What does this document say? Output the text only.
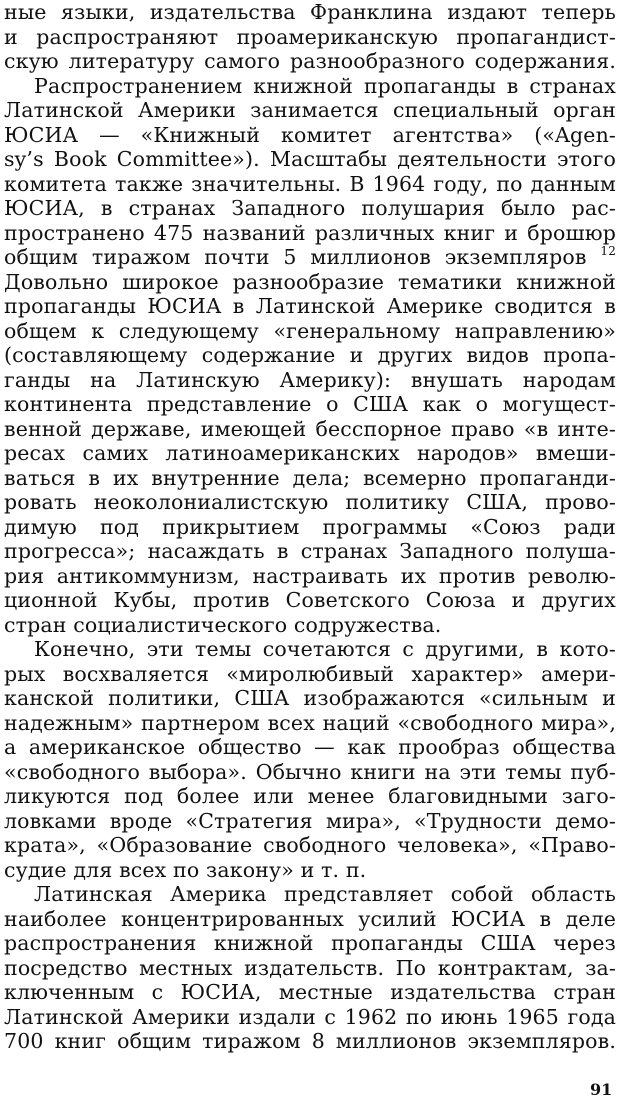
ные языки, издательства Франклина издают теперь
и распространяют проамериканскую пропагандист-
скую литературу самого разнообразного содержания.
Распространением книжной пропаганды в странах
Латинской Америки занимается специальный орган
ЮСИА — «Книжный комитет агентства» («Agen-
sy’s Book Committee»). Масштабы деятельности этого
комитета также значительны. В 1964 году, по данным
ЮСИА, в странах Западного полушария было рас-
пространено 475 названий различных книг и брошюр
общим тиражом почти 5 миллионов экземпляров $^{12}$
Довольно широкое разнообразие тематики книжной
пропаганды ЮСИА в Латинской Америке сводится в
общем к следующему «генеральному направлению»
(составляющему содержание и других видов пропа-
ганды на Латинскую Америку): внушать народам
континента представление о США как о могущест-
венной державе, имеющей бесспорное право «в инте-
ресах самих латиноамериканских народов» вмеши-
ваться в их внутренние дела; всемерно пропаганди-
ровать неоколониалистскую политику США, прово-
димую под прикрытием программы «Союз ради
прогресса»; насаждать в странах Западного полуша-
рия антикоммунизм, настраивать их против револю-
ционной Кубы, против Советского Союза и других
стран социалистического содружества.
Конечно, эти темы сочетаются с другими, в кото-
рых восхваляется «миролюбивый характер» амери-
канской политики, США изображаются «сильным и
надежным» партнером всех наций «свободного мира»,
а американское общество — как прообраз общества
«свободного выбора». Обычно книги на эти темы пуб-
ликуются под более или менее благовидными заго-
ловками вроде «Стратегия мира», «Трудности демо-
крата», «Образование свободного человека», «Право-
судие для всех по закону» и т. п.
Латинская Америка представляет собой область
наиболее концентрированных усилий ЮСИА в деле
распространения книжной пропаганды США через
посредство местных издательств. По контрактам, за-
ключенным с ЮСИА, местные издательства стран
Латинской Америки издали с 1962 по июнь 1965 года
700 книг общим тиражом 8 миллионов экземпляров.
91
